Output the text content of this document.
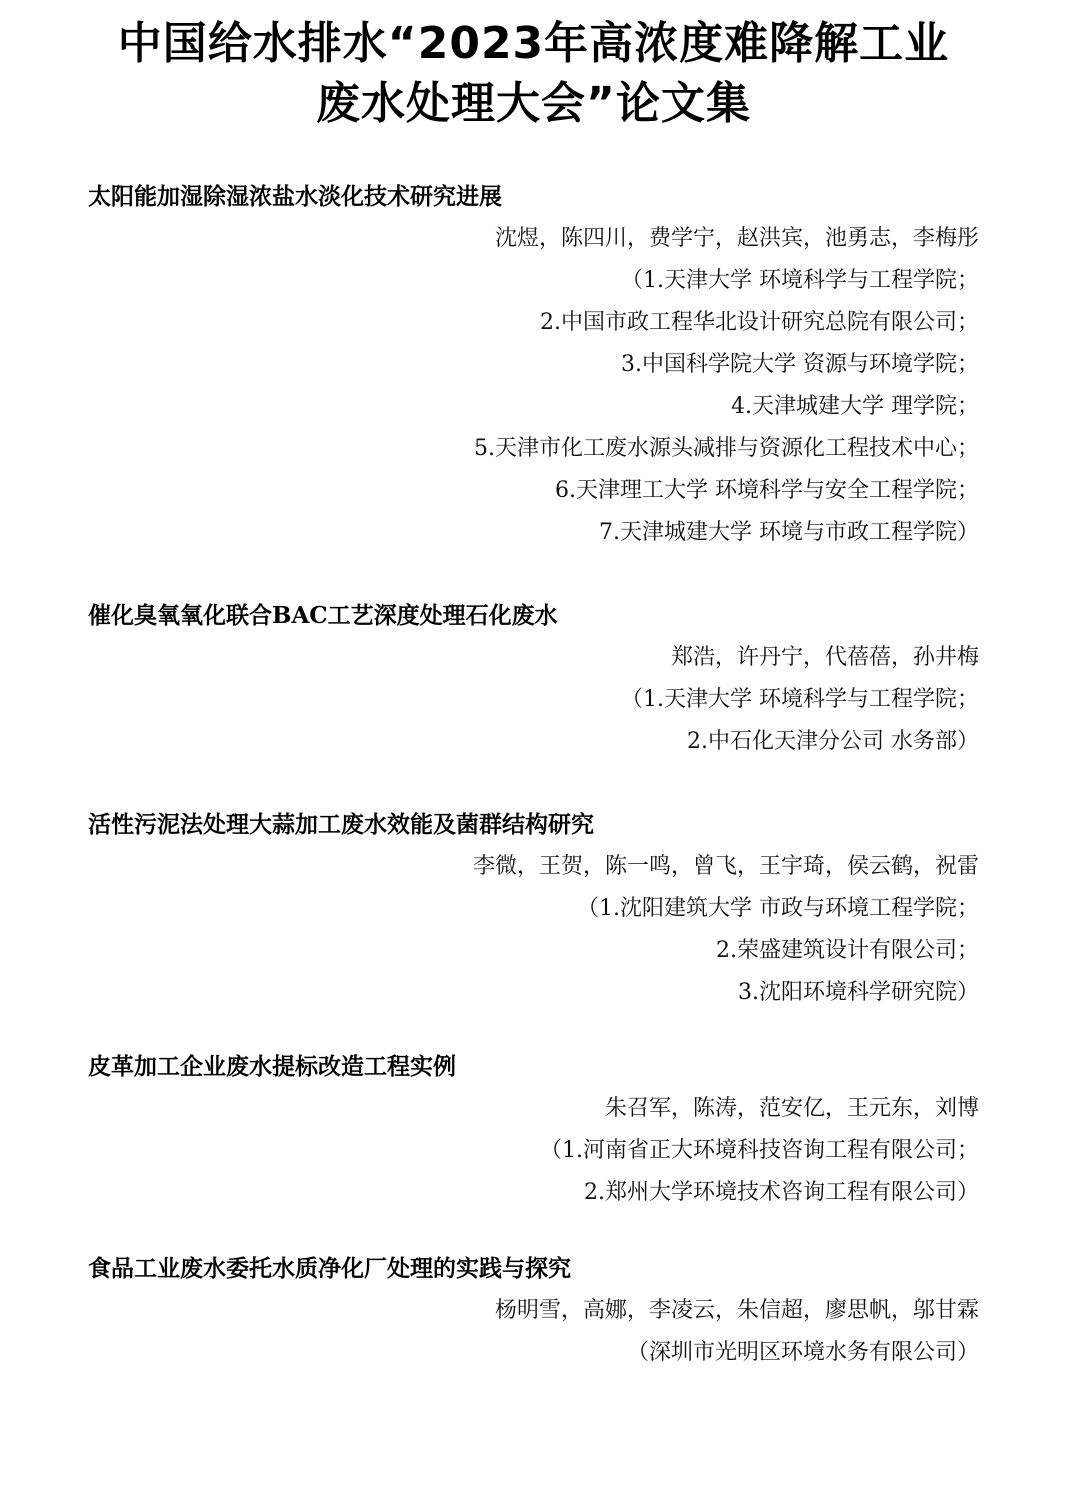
中国给水排水“2023年高浓度难降解工业
废水处理大会”论文集
太阳能加湿除湿浓盐水淡化技术研究进展
沈煜，陈四川，费学宁，赵洪宾，池勇志，李梅彤
（1.天津大学 环境科学与工程学院；
2.中国市政工程华北设计研究总院有限公司；
3.中国科学院大学 资源与环境学院；
4.天津城建大学 理学院；
5.天津市化工废水源头减排与资源化工程技术中心；
6.天津理工大学 环境科学与安全工程学院；
7.天津城建大学 环境与市政工程学院）
催化臭氧氧化联合BAC工艺深度处理石化废水
郑浩，许丹宁，代蓓蓓，孙井梅
（1.天津大学 环境科学与工程学院；
2.中石化天津分公司 水务部）
活性污泥法处理大蒜加工废水效能及菌群结构研究
李微，王贺，陈一鸣，曾飞，王宇琦，侯云鹤，祝雷
（1.沈阳建筑大学 市政与环境工程学院；
2.荣盛建筑设计有限公司；
3.沈阳环境科学研究院）
皮革加工企业废水提标改造工程实例
朱召军，陈涛，范安亿，王元东，刘博
（1.河南省正大环境科技咨询工程有限公司；
2.郑州大学环境技术咨询工程有限公司）
食品工业废水委托水质净化厂处理的实践与探究
杨明雪，高娜，李凌云，朱信超，廖思帆，邬甘霖
（深圳市光明区环境水务有限公司）
